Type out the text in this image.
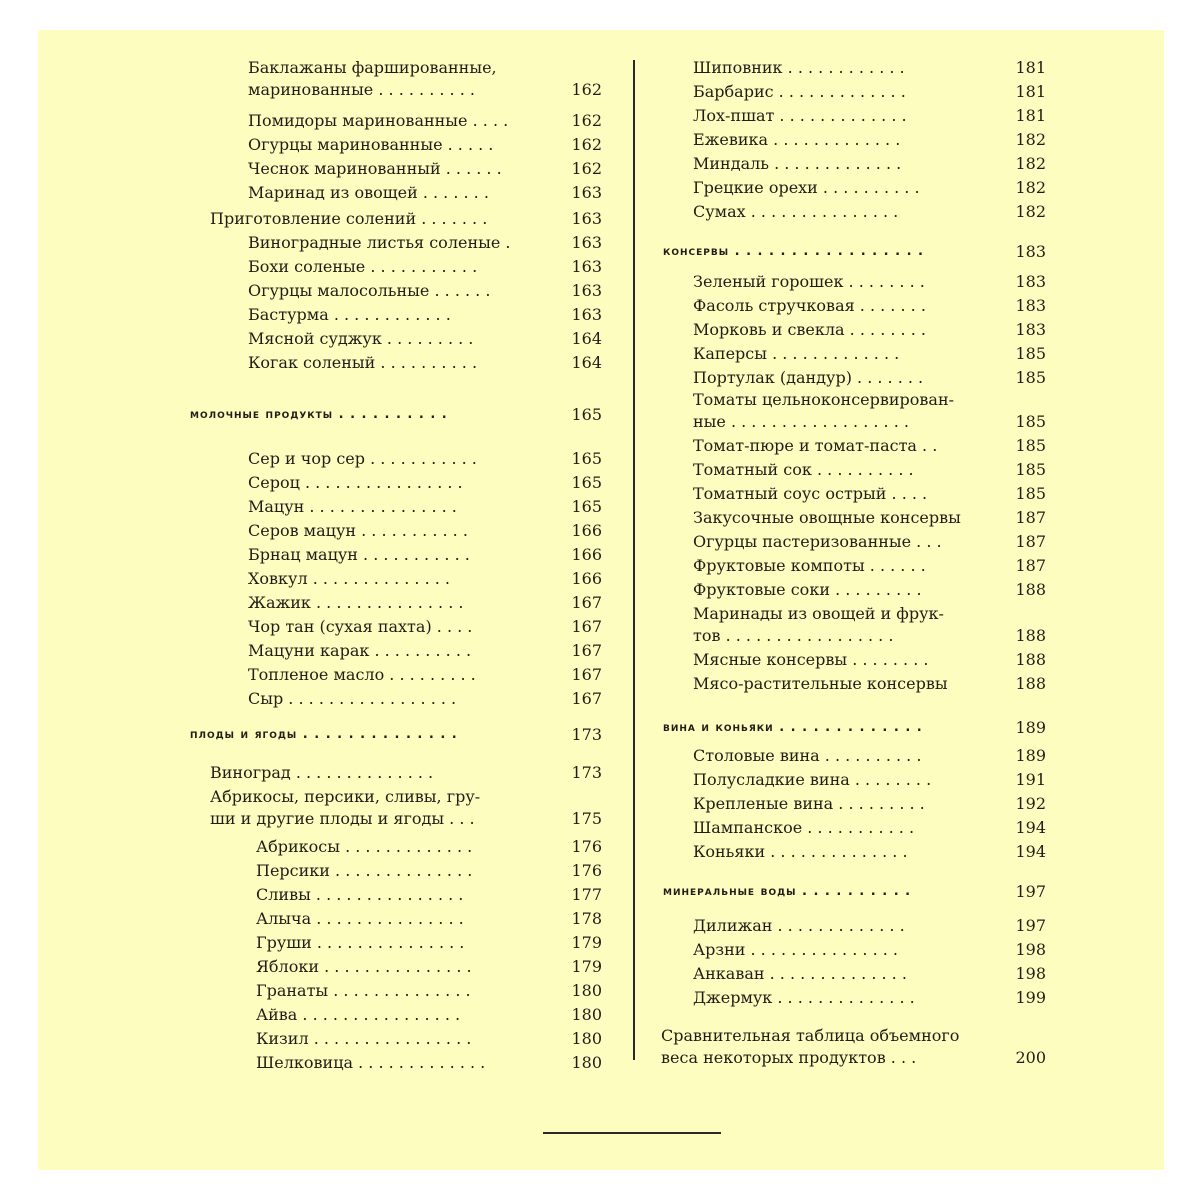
Баклажаны фаршированные,
маринованные . . . . . . . . . .	162
Помидоры маринованные . . . .	162
Огурцы маринованные . . . . .	162
Чеснок маринованный . . . . . .	162
Маринад из овощей . . . . . . .	163
Приготовление солений . . . . . . .	163
Виноградные листья соленые .	163
Бохи соленые . . . . . . . . . . .	163
Огурцы малосольные . . . . . .	163
Бастурма . . . . . . . . . . . .	163
Мясной суджук . . . . . . . . .	164
Когак соленый . . . . . . . . . .	164
молочные продукты . . . . . . . . . .	165
Сер и чор сер . . . . . . . . . . .	165
Сероц . . . . . . . . . . . . . . . .	165
Мацун . . . . . . . . . . . . . . .	165
Серов мацун . . . . . . . . . . .	166
Брнац мацун . . . . . . . . . . .	166
Ховкул . . . . . . . . . . . . . .	166
Жажик . . . . . . . . . . . . . . .	167
Чор тан (сухая пахта) . . . .	167
Мацуни карак . . . . . . . . . .	167
Топленое масло . . . . . . . . .	167
Сыр . . . . . . . . . . . . . . . . .	167
плоды и ягоды . . . . . . . . . . . . . .	173
Виноград . . . . . . . . . . . . . .	173
Абрикосы, персики, сливы, гру-
ши и другие плоды и ягоды . . .	175
Абрикосы . . . . . . . . . . . . .	176
Персики . . . . . . . . . . . . . .	176
Сливы . . . . . . . . . . . . . . .	177
Алыча . . . . . . . . . . . . . . .	178
Груши . . . . . . . . . . . . . . .	179
Яблоки . . . . . . . . . . . . . . .	179
Гранаты . . . . . . . . . . . . . .	180
Айва . . . . . . . . . . . . . . . .	180
Кизил . . . . . . . . . . . . . . . .	180
Шелковица . . . . . . . . . . . . .	180
Шиповник . . . . . . . . . . . .	181
Барбарис . . . . . . . . . . . . .	181
Лох-пшат . . . . . . . . . . . . .	181
Ежевика . . . . . . . . . . . . .	182
Миндаль . . . . . . . . . . . . .	182
Грецкие орехи . . . . . . . . . .	182
Сумах . . . . . . . . . . . . . . .	182
консервы . . . . . . . . . . . . . . . . .	183
Зеленый горошек . . . . . . . .	183
Фасоль стручковая . . . . . . .	183
Морковь и свекла . . . . . . . .	183
Каперсы . . . . . . . . . . . . .	185
Портулак (дандур) . . . . . . .	185
Томаты цельноконсервирован-
ные . . . . . . . . . . . . . . . . . .	185
Томат-пюре и томат-паста . .	185
Томатный сок . . . . . . . . . .	185
Томатный соус острый . . . .	185
Закусочные овощные консервы	187
Огурцы пастеризованные . . .	187
Фруктовые компоты . . . . . .	187
Фруктовые соки . . . . . . . . .	188
Маринады из овощей и фрук-
тов . . . . . . . . . . . . . . . . .	188
Мясные консервы . . . . . . . .	188
Мясо-растительные консервы	188
вина и коньяки . . . . . . . . . . . . .	189
Столовые вина . . . . . . . . . .	189
Полусладкие вина . . . . . . . .	191
Крепленые вина . . . . . . . . .	192
Шампанское . . . . . . . . . . .	194
Коньяки . . . . . . . . . . . . . .	194
минеральные воды . . . . . . . . . .	197
Дилижан . . . . . . . . . . . . .	197
Арзни . . . . . . . . . . . . . . .	198
Анкаван . . . . . . . . . . . . . .	198
Джермук . . . . . . . . . . . . . .	199
Сравнительная таблица объемного
веса некоторых продуктов . . .	200
